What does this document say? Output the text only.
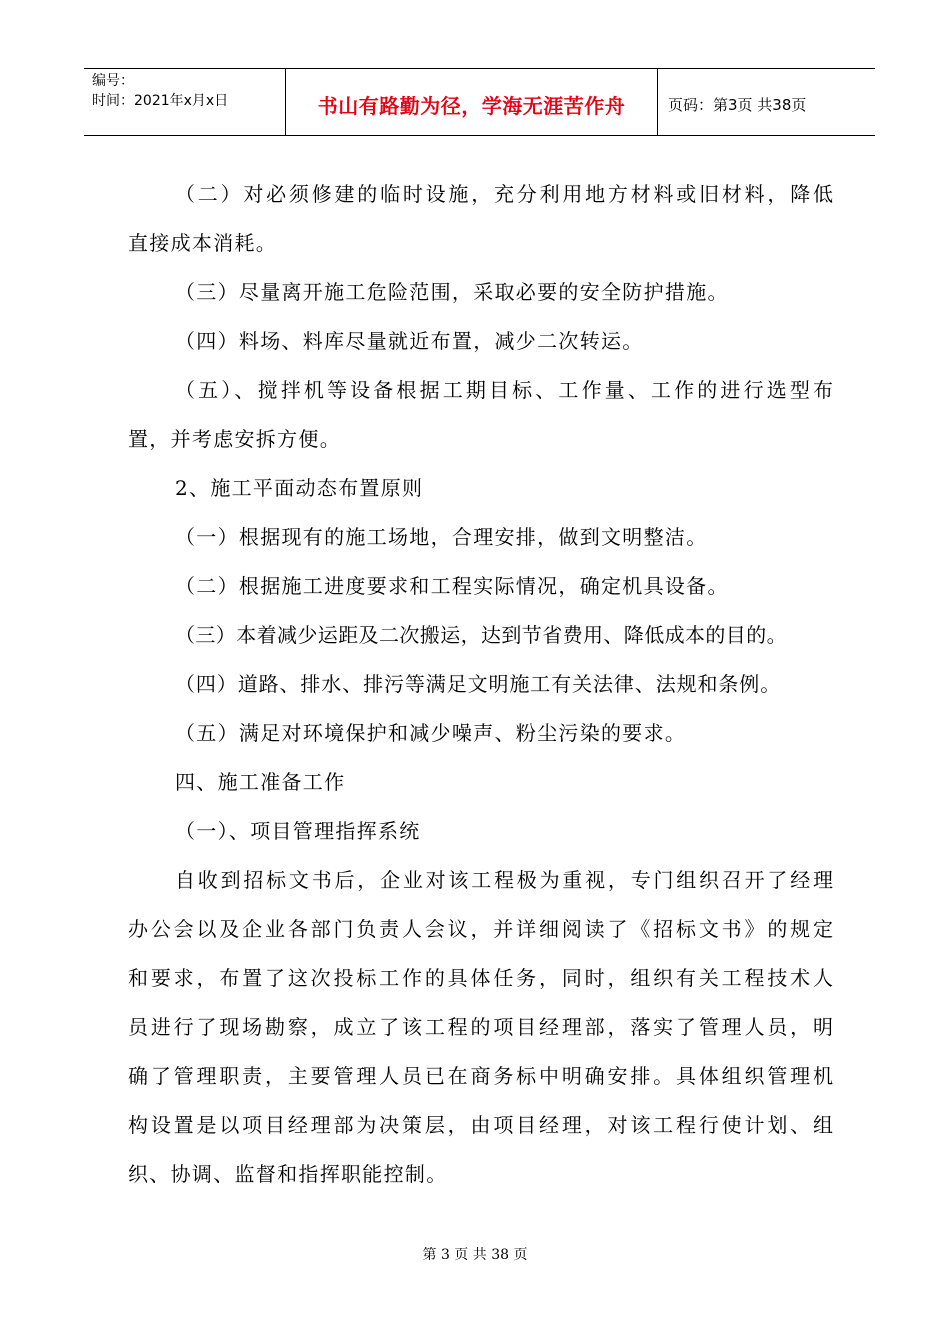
编号：
时间：2021年x月x日	书山有路勤为径，学海无涯苦作舟	页码：第3页 共38页
（二）对必须修建的临时设施，充分利用地方材料或旧材料，降低
直接成本消耗。
（三）尽量离开施工危险范围，采取必要的安全防护措施。
（四）料场、料库尽量就近布置，减少二次转运。
（五）、搅拌机等设备根据工期目标、工作量、工作的进行选型布
置，并考虑安拆方便。
2、施工平面动态布置原则
（一）根据现有的施工场地，合理安排，做到文明整洁。
（二）根据施工进度要求和工程实际情况，确定机具设备。
（三）本着减少运距及二次搬运，达到节省费用、降低成本的目的。
（四）道路、排水、排污等满足文明施工有关法律、法规和条例。
（五）满足对环境保护和减少噪声、粉尘污染的要求。
四、施工准备工作
（一）、项目管理指挥系统
自收到招标文书后，企业对该工程极为重视，专门组织召开了经理
办公会以及企业各部门负责人会议，并详细阅读了《招标文书》的规定
和要求，布置了这次投标工作的具体任务，同时，组织有关工程技术人
员进行了现场勘察，成立了该工程的项目经理部，落实了管理人员，明
确了管理职责，主要管理人员已在商务标中明确安排。具体组织管理机
构设置是以项目经理部为决策层，由项目经理，对该工程行使计划、组
织、协调、监督和指挥职能控制。
第 3 页 共 38 页
